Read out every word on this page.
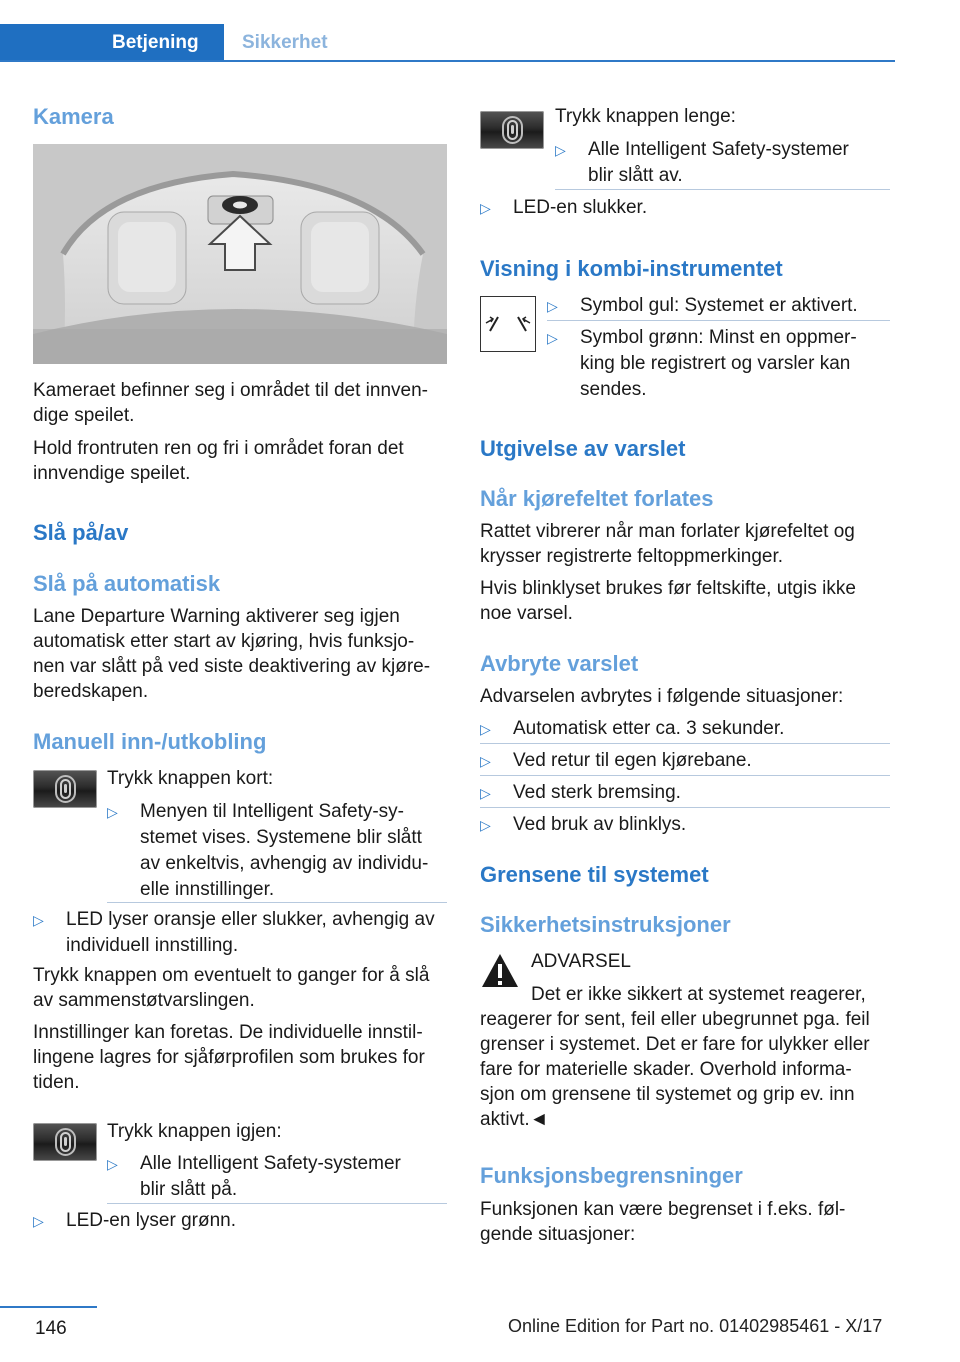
Betjening Sikkerhet
Kamera
Kameraet befinner seg i området til det innven-
dige speilet.
Hold frontruten ren og fri i området foran det
innvendige speilet.
Slå på/av
Slå på automatisk
Lane Departure Warning aktiverer seg igjen
automatisk etter start av kjøring, hvis funksjo-
nen var slått på ved siste deaktivering av kjøre-
beredskapen.
Manuell inn-/utkobling
Trykk knappen kort:
▷ Menyen til Intelligent Safety-sy-
stemet vises. Systemene blir slått
av enkeltvis, avhengig av individu-
elle innstillinger.
▷ LED lyser oransje eller slukker, avhengig av
individuell innstilling.
Trykk knappen om eventuelt to ganger for å slå
av sammenstøtvarslingen.
Innstillinger kan foretas. De individuelle innstil-
lingene lagres for sjåførprofilen som brukes for
tiden.
Trykk knappen igjen:
▷ Alle Intelligent Safety-systemer
blir slått på.
▷ LED-en lyser grønn.
Trykk knappen lenge:
▷ Alle Intelligent Safety-systemer
blir slått av.
▷ LED-en slukker.
Visning i kombi-instrumentet
▷ Symbol gul: Systemet er aktivert.
▷ Symbol grønn: Minst en oppmer-
king ble registrert og varsler kan
sendes.
Utgivelse av varslet
Når kjørefeltet forlates
Rattet vibrerer når man forlater kjørefeltet og
krysser registrerte feltoppmerkinger.
Hvis blinklyset brukes før feltskifte, utgis ikke
noe varsel.
Avbryte varslet
Advarselen avbrytes i følgende situasjoner:
▷ Automatisk etter ca. 3 sekunder.
▷ Ved retur til egen kjørebane.
▷ Ved sterk bremsing.
▷ Ved bruk av blinklys.
Grensene til systemet
Sikkerhetsinstruksjoner
ADVARSEL
Det er ikke sikkert at systemet reagerer,
reagerer for sent, feil eller ubegrunnet pga. feil
grenser i systemet. Det er fare for ulykker eller
fare for materielle skader. Overhold informa-
sjon om grensene til systemet og grip ev. inn
aktivt.◄
Funksjonsbegrensninger
Funksjonen kan være begrenset i f.eks. føl-
gende situasjoner:
146	Online Edition for Part no. 01402985461 - X/17
